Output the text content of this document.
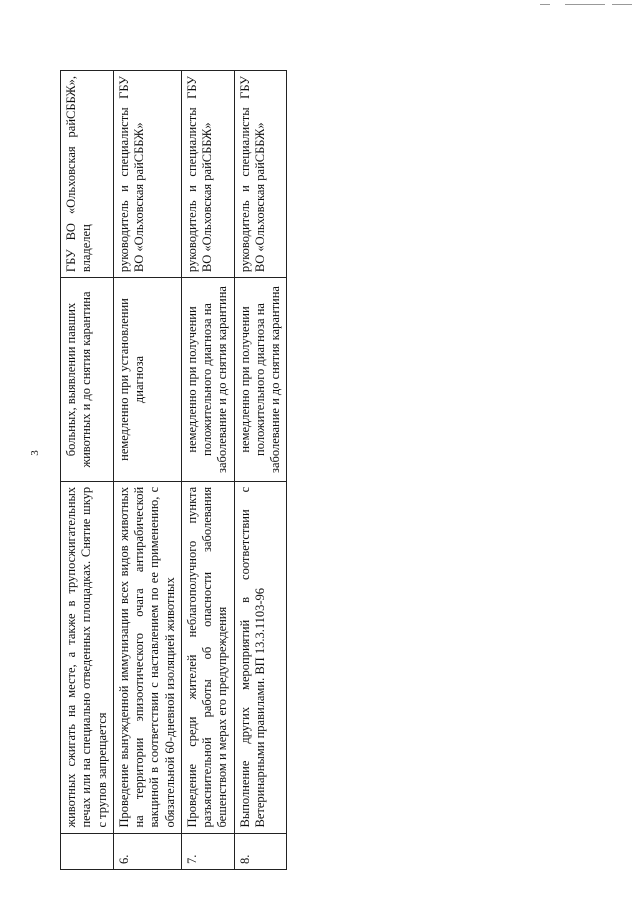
3
	животных сжигать на месте, а также в трупосжигательных печах или на специально отведенных площадках. Снятие шкур с трупов запрещается	больных, выявлении павших животных и до снятия карантина	ГБУ ВО «Ольховская райСББЖ», владелец
6.	Проведение вынужденной иммунизации всех видов животных на территории эпизоотического очага антирабической вакциной в соответствии с наставлением по ее применению, с обязательной 60-дневной изоляцией животных	немедленно при установлении диагноза	руководитель и специалисты ГБУ ВО «Ольховская райСББЖ»
7.	Проведение среди жителей неблагополучного пункта разъяснительной работы об опасности заболевания бешенством и мерах его предупреждения	немедленно при получении положительного диагноза на заболевание и до снятия карантина	руководитель и специалисты ГБУ ВО «Ольховская райСББЖ»
8.	Выполнение других мероприятий в соответствии с Ветеринарными правилами. ВП 13.3.1103-96	немедленно при получении положительного диагноза на заболевание и до снятия карантина	руководитель и специалисты ГБУ ВО «Ольховская райСББЖ»
